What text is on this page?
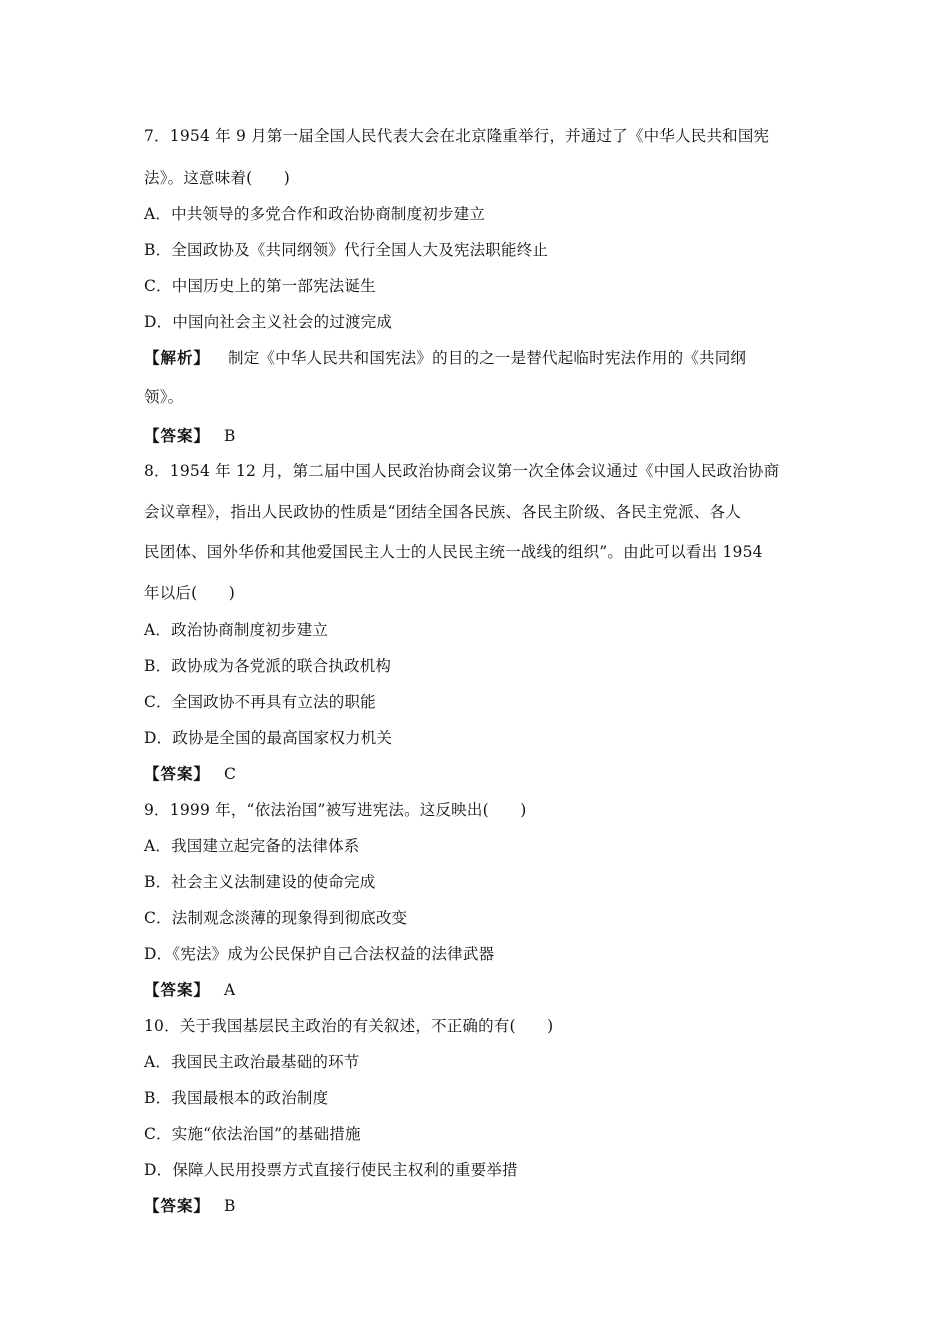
7．1954 年 9 月第一届全国人民代表大会在北京隆重举行，并通过了《中华人民共和国宪
法》。这意味着(　　)
A．中共领导的多党合作和政治协商制度初步建立
B．全国政协及《共同纲领》代行全国人大及宪法职能终止
C．中国历史上的第一部宪法诞生
D．中国向社会主义社会的过渡完成
【解析】 制定《中华人民共和国宪法》的目的之一是替代起临时宪法作用的《共同纲
领》。
【答案】 B
8．1954 年 12 月，第二届中国人民政治协商会议第一次全体会议通过《中国人民政治协商
会议章程》，指出人民政协的性质是“团结全国各民族、各民主阶级、各民主党派、各人
民团体、国外华侨和其他爱国民主人士的人民民主统一战线的组织”。由此可以看出 1954
年以后(　　)
A．政治协商制度初步建立
B．政协成为各党派的联合执政机构
C．全国政协不再具有立法的职能
D．政协是全国的最高国家权力机关
【答案】 C
9．1999 年，“依法治国”被写进宪法。这反映出(　　)
A．我国建立起完备的法律体系
B．社会主义法制建设的使命完成
C．法制观念淡薄的现象得到彻底改变
D．《宪法》成为公民保护自己合法权益的法律武器
【答案】 A
10．关于我国基层民主政治的有关叙述，不正确的有(　　)
A．我国民主政治最基础的环节
B．我国最根本的政治制度
C．实施“依法治国”的基础措施
D．保障人民用投票方式直接行使民主权利的重要举措
【答案】 B
